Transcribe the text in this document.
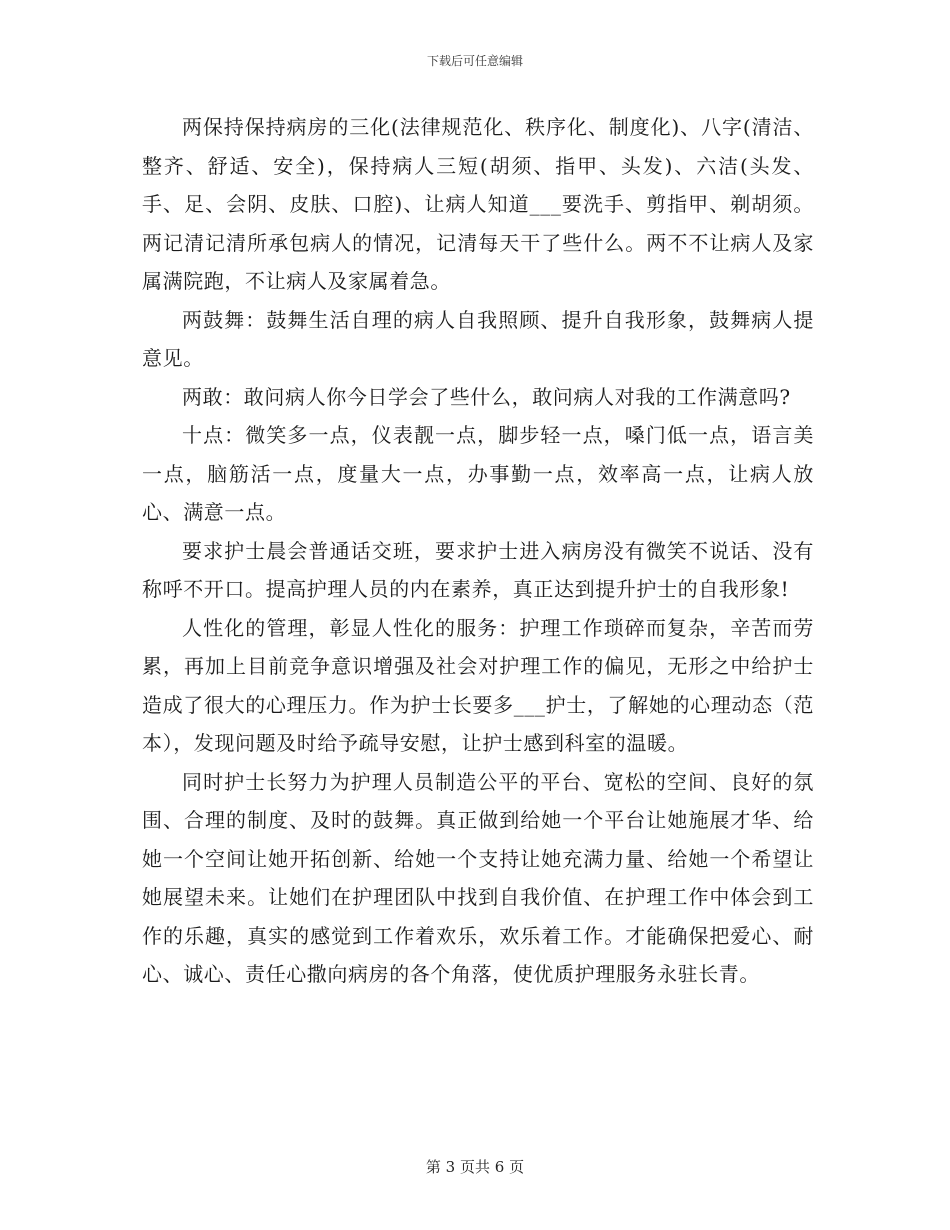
下载后可任意编辑

两保持保持病房的三化(法律规范化、秩序化、制度化)、八字(清洁、整齐、舒适、安全)，保持病人三短(胡须、指甲、头发)、六洁(头发、手、足、会阴、皮肤、口腔)、让病人知道___要洗手、剪指甲、剃胡须。两记清记清所承包病人的情况，记清每天干了些什么。两不不让病人及家属满院跑，不让病人及家属着急。

两鼓舞：鼓舞生活自理的病人自我照顾、提升自我形象，鼓舞病人提意见。

两敢：敢问病人你今日学会了些什么，敢问病人对我的工作满意吗?

十点：微笑多一点，仪表靓一点，脚步轻一点，嗓门低一点，语言美一点，脑筋活一点，度量大一点，办事勤一点，效率高一点，让病人放心、满意一点。

要求护士晨会普通话交班，要求护士进入病房没有微笑不说话、没有称呼不开口。提高护理人员的内在素养，真正达到提升护士的自我形象!

人性化的管理，彰显人性化的服务：护理工作琐碎而复杂，辛苦而劳累，再加上目前竞争意识增强及社会对护理工作的偏见，无形之中给护士造成了很大的心理压力。作为护士长要多___护士，了解她的心理动态（范本），发现问题及时给予疏导安慰，让护士感到科室的温暖。

同时护士长努力为护理人员制造公平的平台、宽松的空间、良好的氛围、合理的制度、及时的鼓舞。真正做到给她一个平台让她施展才华、给她一个空间让她开拓创新、给她一个支持让她充满力量、给她一个希望让她展望未来。让她们在护理团队中找到自我价值、在护理工作中体会到工作的乐趣，真实的感觉到工作着欢乐，欢乐着工作。才能确保把爱心、耐心、诚心、责任心撒向病房的各个角落，使优质护理服务永驻长青。

第 3 页共 6 页
